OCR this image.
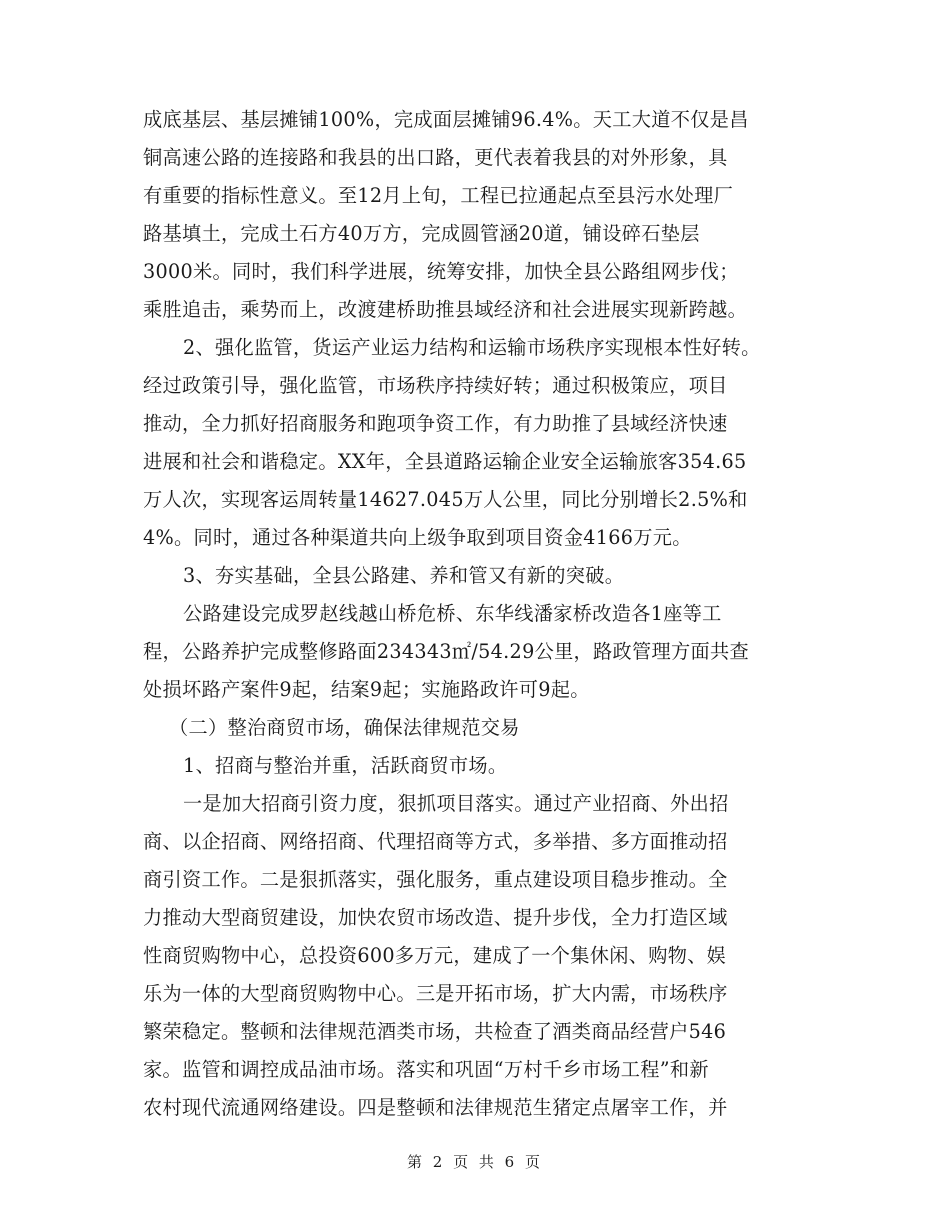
成底基层、基层摊铺100%，完成面层摊铺96.4%。天工大道不仅是昌
铜高速公路的连接路和我县的出口路，更代表着我县的对外形象，具
有重要的指标性意义。至12月上旬，工程已拉通起点至县污水处理厂
路基填土，完成土石方40万方，完成圆管涵20道，铺设碎石垫层
3000米。同时，我们科学进展，统筹安排，加快全县公路组网步伐；
乘胜追击，乘势而上，改渡建桥助推县域经济和社会进展实现新跨越。
2、强化监管，货运产业运力结构和运输市场秩序实现根本性好转。
经过政策引导，强化监管，市场秩序持续好转；通过积极策应，项目
推动，全力抓好招商服务和跑项争资工作，有力助推了县域经济快速
进展和社会和谐稳定。XX年，全县道路运输企业安全运输旅客354.65
万人次，实现客运周转量14627.045万人公里，同比分别增长2.5%和
4%。同时，通过各种渠道共向上级争取到项目资金4166万元。
3、夯实基础，全县公路建、养和管又有新的突破。
公路建设完成罗赵线越山桥危桥、东华线潘家桥改造各1座等工
程，公路养护完成整修路面234343㎡/54.29公里，路政管理方面共查
处损坏路产案件9起，结案9起；实施路政许可9起。
（二）整治商贸市场，确保法律规范交易
1、招商与整治并重，活跃商贸市场。
一是加大招商引资力度，狠抓项目落实。通过产业招商、外出招
商、以企招商、网络招商、代理招商等方式，多举措、多方面推动招
商引资工作。二是狠抓落实，强化服务，重点建设项目稳步推动。全
力推动大型商贸建设，加快农贸市场改造、提升步伐，全力打造区域
性商贸购物中心，总投资600多万元，建成了一个集休闲、购物、娱
乐为一体的大型商贸购物中心。三是开拓市场，扩大内需，市场秩序
繁荣稳定。整顿和法律规范酒类市场，共检查了酒类商品经营户546
家。监管和调控成品油市场。落实和巩固“万村千乡市场工程”和新
农村现代流通网络建设。四是整顿和法律规范生猪定点屠宰工作，并
第 2 页 共 6 页
